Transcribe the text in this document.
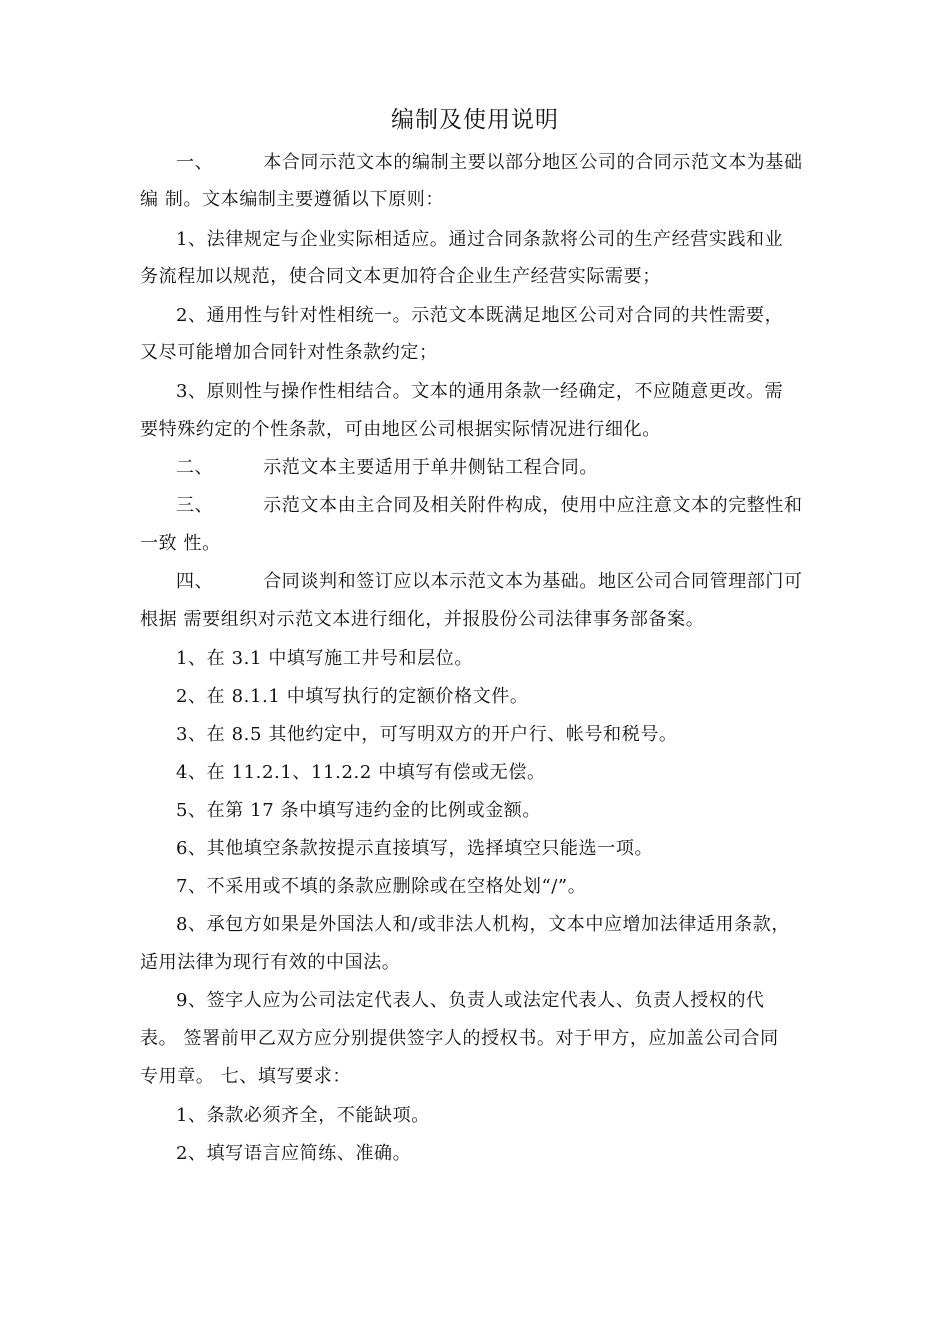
编制及使用说明
一、	本合同示范文本的编制主要以部分地区公司的合同示范文本为基础
编 制。文本编制主要遵循以下原则：
1、法律规定与企业实际相适应。通过合同条款将公司的生产经营实践和业
务流程加以规范，使合同文本更加符合企业生产经营实际需要；
2、通用性与针对性相统一。示范文本既满足地区公司对合同的共性需要，
又尽可能增加合同针对性条款约定；
3、原则性与操作性相结合。文本的通用条款一经确定，不应随意更改。需
要特殊约定的个性条款，可由地区公司根据实际情况进行细化。
二、	示范文本主要适用于单井侧钻工程合同。
三、	示范文本由主合同及相关附件构成，使用中应注意文本的完整性和
一致 性。
四、	合同谈判和签订应以本示范文本为基础。地区公司合同管理部门可
根据 需要组织对示范文本进行细化，并报股份公司法律事务部备案。
1、在 3.1 中填写施工井号和层位。
2、在 8.1.1 中填写执行的定额价格文件。
3、在 8.5 其他约定中，可写明双方的开户行、帐号和税号。
4、在 11.2.1、11.2.2 中填写有偿或无偿。
5、在第 17 条中填写违约金的比例或金额。
6、其他填空条款按提示直接填写，选择填空只能选一项。
7、不采用或不填的条款应删除或在空格处划“/”。
8、承包方如果是外国法人和/或非法人机构，文本中应增加法律适用条款，
适用法律为现行有效的中国法。
9、签字人应为公司法定代表人、负责人或法定代表人、负责人授权的代
表。 签署前甲乙双方应分别提供签字人的授权书。对于甲方，应加盖公司合同
专用章。 七、填写要求：
1、条款必须齐全，不能缺项。
2、填写语言应简练、准确。
